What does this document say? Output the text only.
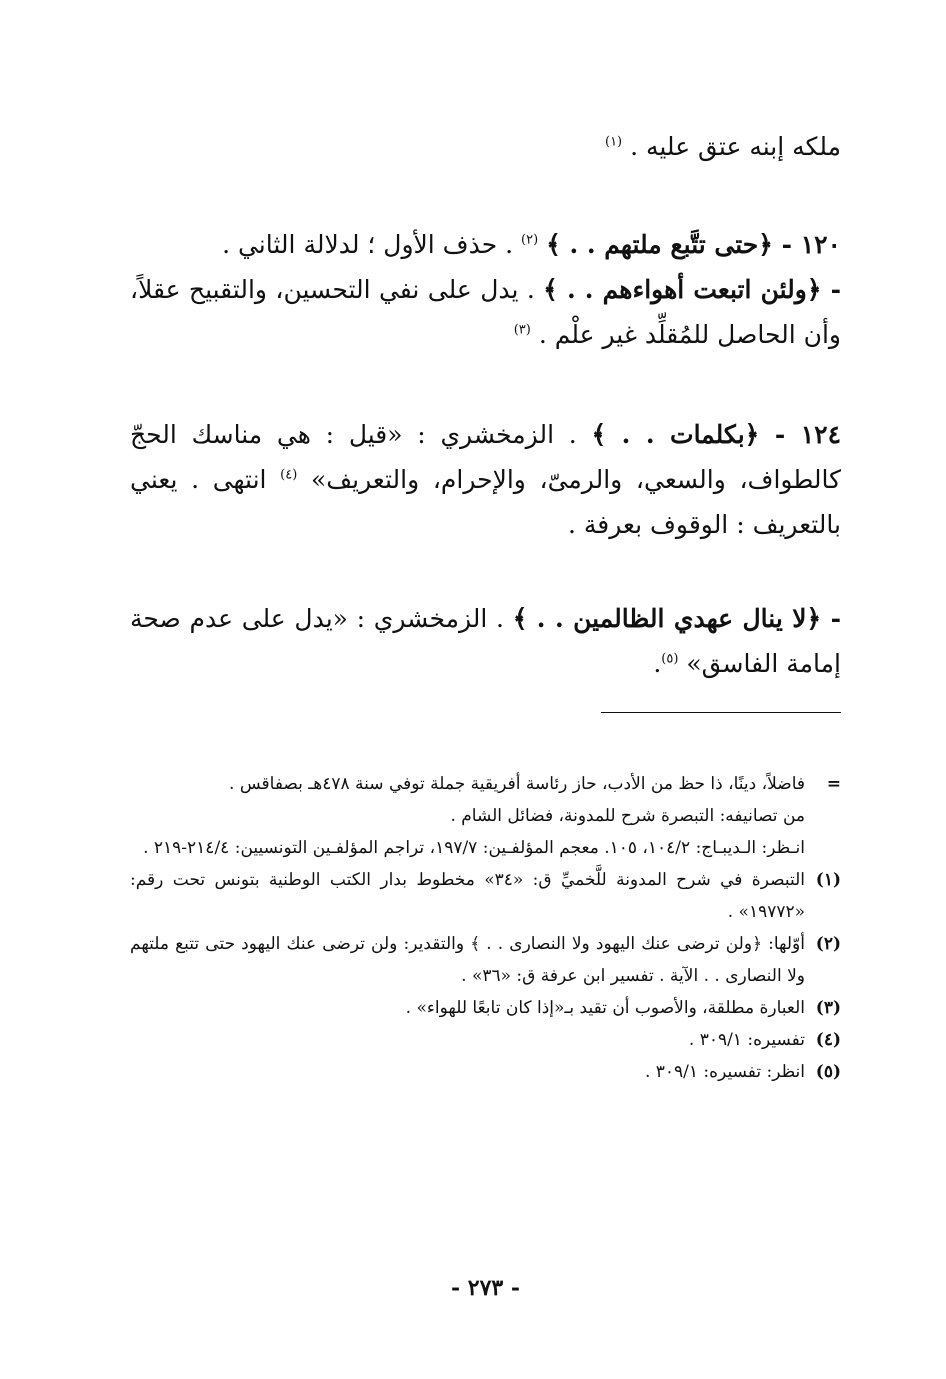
ملكه إبنه عتق عليه . $^{(١)}$

١٢٠ - ﴿حتى تتَّبع ملتهم . . ﴾ $^{(٢)}$ . حذف الأول ؛ لدلالة الثاني .
- ﴿ولئن اتبعت أهواءهم . . ﴾ . يدل على نفي التحسين، والتقبيح عقلاً، وأن الحاصل للمُقلِّد غير علْم . $^{(٣)}$

١٢٤ - ﴿بكلمات . . ﴾ . الزمخشري : «قيل : هي مناسك الحجّ كالطواف، والسعي، والرمىّ، والإحرام، والتعريف» $^{(٤)}$ انتهى . يعني بالتعريف : الوقوف بعرفة .

- ﴿لا ينال عهدي الظالمين . . ﴾ . الزمخشري : «يدل على عدم صحة إمامة الفاسق» $^{(٥)}$.

=
فاضلاً، دينًا، ذا حظ من الأدب، حاز رئاسة أفريقية جملة توفي سنة ٤٧٨هـ بصفاقس .
من تصانيفه: التبصرة شرح للمدونة، فضائل الشام .
انـظر: الـديبـاج: ١٠٤/٢، ١٠٥. معجم المؤلفـين: ١٩٧/٧، تراجم المؤلفـين التونسيين: ٢١٤/٤-٢١٩ .
(١)
التبصرة في شرح المدونة للَّخميِّ ق: «٣٤» مخطوط بدار الكتب الوطنية بتونس تحت رقم: «١٩٧٧٢» .
(٢)
أوّلها: ﴿ولن ترضى عنك اليهود ولا النصارى . . ﴾ والتقدير: ولن ترضى عنك اليهود حتى تتبع ملتهم ولا النصارى . . الآية . تفسير ابن عرفة ق: «٣٦» .
(٣)
العبارة مطلقة، والأصوب أن تقيد بـ«إذا كان تابعًا للهواء» .
(٤)
تفسيره: ٣٠٩/١ .
(٥)
انظر: تفسيره: ٣٠٩/١ .
- ٢٧٣ -
